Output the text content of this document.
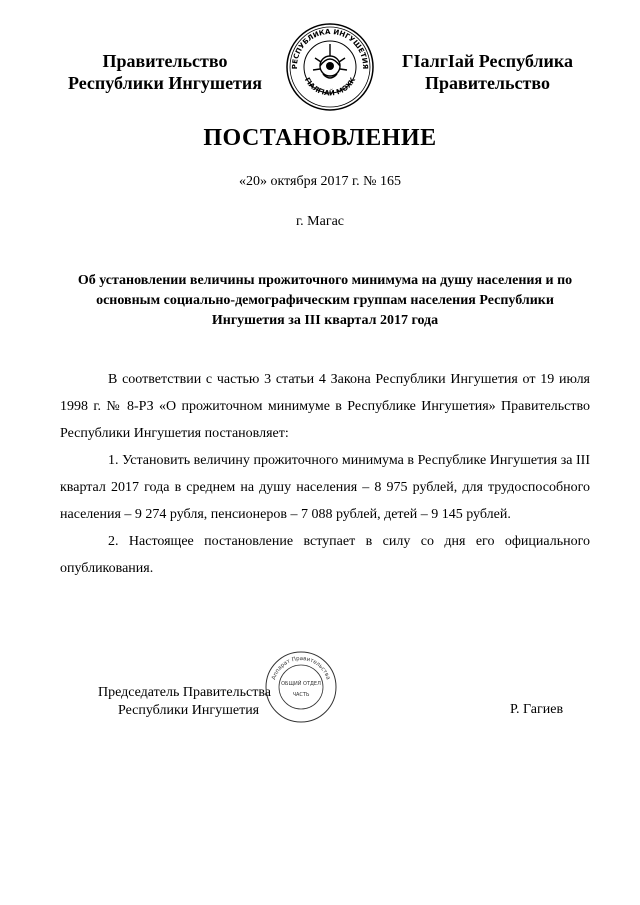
Правительство
Республики Ингушетия
РЕСПУБЛИКА ИНГУШЕТИЯ
ГIАЛГIАЙ МОХК
ГIалгIай Республика
Правительство
ПОСТАНОВЛЕНИЕ
«20» октября 2017 г. № 165
г. Магас
Об установлении величины прожиточного минимума на душу населения и по основным социально-демографическим группам населения Республики Ингушетия за III квартал 2017 года

В соответствии с частью 3 статьи 4 Закона Республики Ингушетия от 19 июля 1998 г. № 8-РЗ «О прожиточном минимуме в Республике Ингушетия» Правительство Республики Ингушетия постановляет:

1. Установить величину прожиточного минимума в Республике Ингушетия за III квартал 2017 года в среднем на душу населения – 8 975 рублей, для трудоспособного населения – 9 274 рубля, пенсионеров – 7 088 рублей, детей – 9 145 рублей.

2. Настоящее постановление вступает в силу со дня его официального опубликования.

Председатель Правительства
Республики Ингушетия
Аппарат Правительства
ОБЩИЙ ОТДЕЛ
ЧАСТЬ
Р. Гагиев
